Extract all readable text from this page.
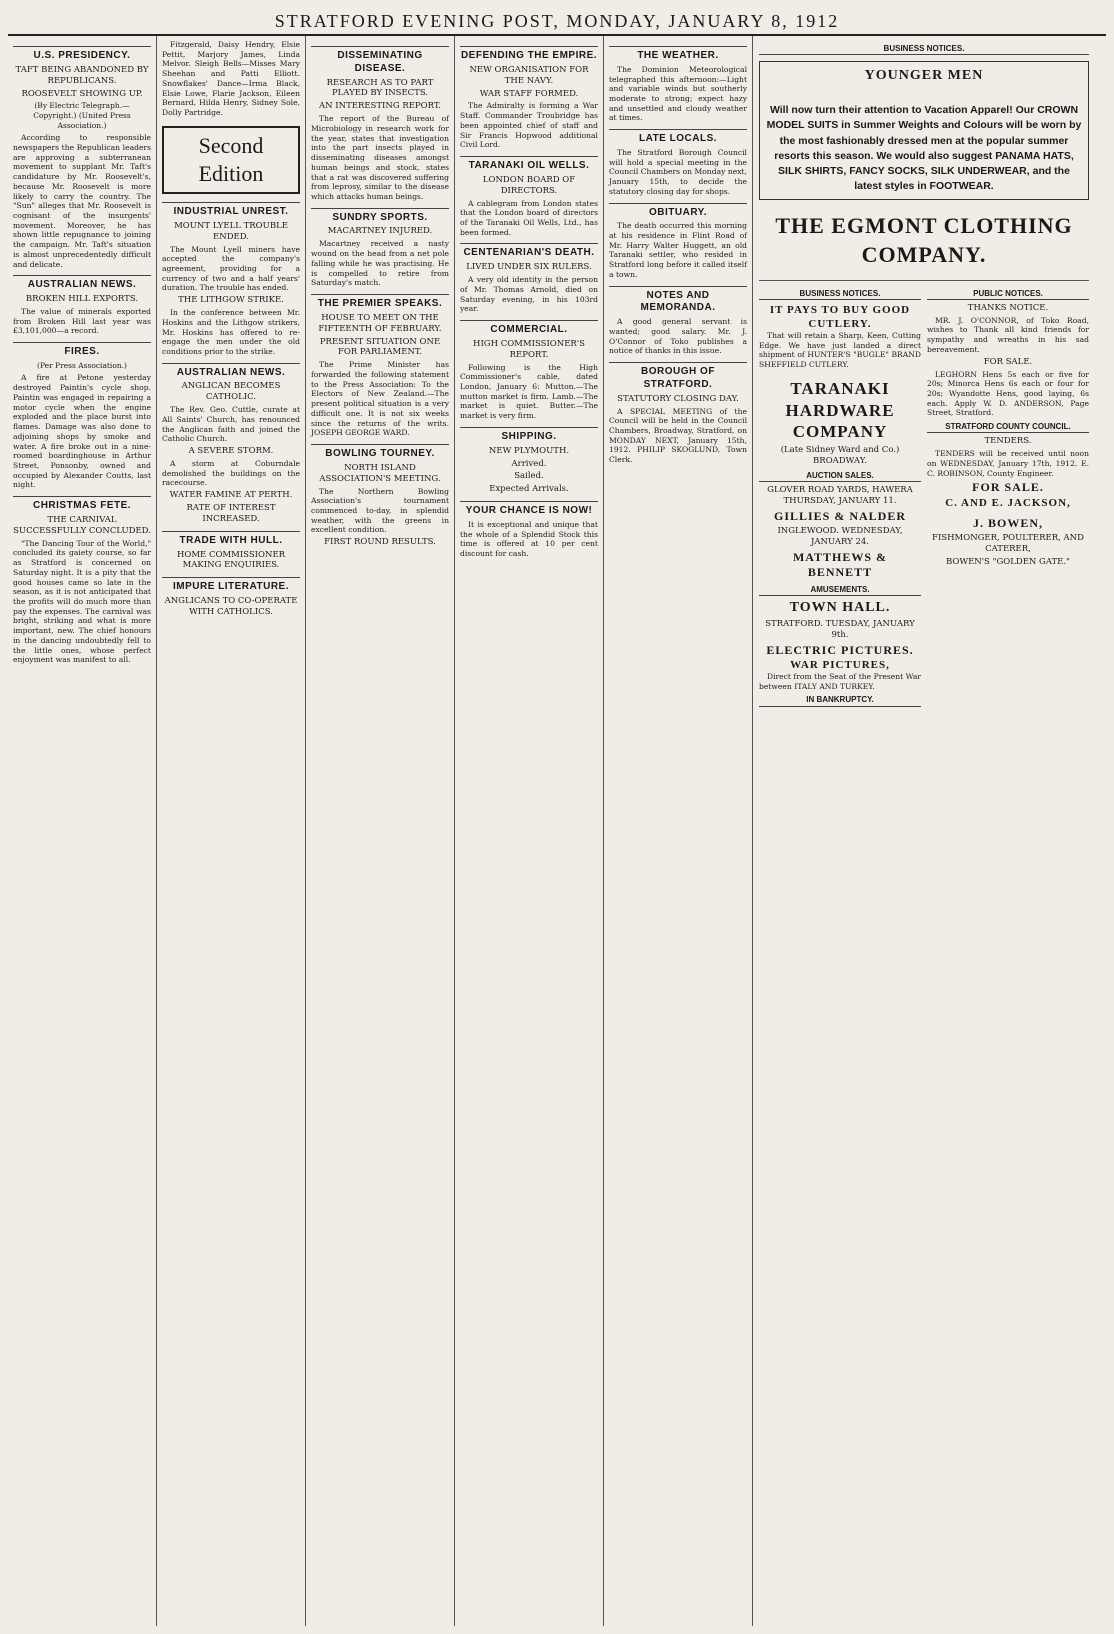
STRATFORD EVENING POST, MONDAY, JANUARY 8, 1912
U.S. PRESIDENCY.
TAFT BEING ABANDONED BY REPUBLICANS.
ROOSEVELT SHOWING UP.
(By Electric Telegraph.—Copyright.) (United Press Association.)

According to responsible newspapers the Republican leaders are approving a subterranean movement to supplant Mr. Taft's candidature by Mr. Roosevelt's, because Mr. Roosevelt is more likely to carry the country. The "Sun" alleges that Mr. Roosevelt is cognisant of the insurgents' movement. Moreover, he has shown little repugnance to joining the campaign. Mr. Taft's situation is almost unprecedentedly difficult and delicate.

AUSTRALIAN NEWS.
BROKEN HILL EXPORTS.

The value of minerals exported from Broken Hill last year was £3,101,000—a record.

FIRES.
(Per Press Association.)

A fire at Petone yesterday destroyed Paintin's cycle shop. Paintin was engaged in repairing a motor cycle when the engine exploded and the place burst into flames. Damage was also done to adjoining shops by smoke and water. A fire broke out in a nine-roomed boardinghouse in Arthur Street, Ponsonby, owned and occupied by Alexander Coutts, last night.

CHRISTMAS FETE.
THE CARNIVAL SUCCESSFULLY CONCLUDED.

"The Dancing Tour of the World," concluded its gaiety course, so far as Stratford is concerned on Saturday night. It is a pity that the good houses came so late in the season, as it is not anticipated that the profits will do much more than pay the expenses. The carnival was bright, striking and what is more important, new. The chief honours in the dancing undoubtedly fell to the little ones, whose perfect enjoyment was manifest to all.

Fitzgerald, Daisy Hendry, Elsie Pettit, Marjory James, Linda Melvor. Sleigh Bells—Misses Mary Sheehan and Patti Elliott. Snowflakes' Dance—Irma Black, Elsie Lowe, Flarie Jackson, Eileen Bernard, Hilda Henry, Sidney Sole, Dolly Partridge.

Second Edition
INDUSTRIAL UNREST.
MOUNT LYELL TROUBLE ENDED.

The Mount Lyell miners have accepted the company's agreement, providing for a currency of two and a half years' duration. The trouble has ended.

THE LITHGOW STRIKE.

In the conference between Mr. Hoskins and the Lithgow strikers, Mr. Hoskins has offered to re-engage the men under the old conditions prior to the strike.

AUSTRALIAN NEWS.
ANGLICAN BECOMES CATHOLIC.

The Rev. Geo. Cuttle, curate at All Saints' Church, has renounced the Anglican faith and joined the Catholic Church.

A SEVERE STORM.

A storm at Coburndale demolished the buildings on the racecourse.

WATER FAMINE AT PERTH.
RATE OF INTEREST INCREASED.
TRADE WITH HULL.
HOME COMMISSIONER MAKING ENQUIRIES.
IMPURE LITERATURE.
ANGLICANS TO CO-OPERATE WITH CATHOLICS.
DISSEMINATING DISEASE.
RESEARCH AS TO PART PLAYED BY INSECTS.
AN INTERESTING REPORT.

The report of the Bureau of Microbiology in research work for the year, states that investigation into the part insects played in disseminating diseases amongst human beings and stock, states that a rat was discovered suffering from leprosy, similar to the disease which attacks human beings.

SUNDRY SPORTS.
MACARTNEY INJURED.

Macartney received a nasty wound on the head from a net pole falling while he was practising. He is compelled to retire from Saturday's match.

THE PREMIER SPEAKS.
HOUSE TO MEET ON THE FIFTEENTH OF FEBRUARY.
PRESENT SITUATION ONE FOR PARLIAMENT.

The Prime Minister has forwarded the following statement to the Press Association: To the Electors of New Zealand.—The present political situation is a very difficult one. It is not six weeks since the returns of the writs. JOSEPH GEORGE WARD.

BOWLING TOURNEY.
NORTH ISLAND ASSOCIATION'S MEETING.

The Northern Bowling Association's tournament commenced to-day, in splendid weather, with the greens in excellent condition.

FIRST ROUND RESULTS.
DEFENDING THE EMPIRE.
NEW ORGANISATION FOR THE NAVY.
WAR STAFF FORMED.

The Admiralty is forming a War Staff. Commander Troubridge has been appointed chief of staff and Sir Francis Hopwood additional Civil Lord.

TARANAKI OIL WELLS.
LONDON BOARD OF DIRECTORS.

A cablegram from London states that the London board of directors of the Taranaki Oil Wells, Ltd., has been formed.

CENTENARIAN'S DEATH.
LIVED UNDER SIX RULERS.

A very old identity in the person of Mr. Thomas Arnold, died on Saturday evening, in his 103rd year.

COMMERCIAL.
HIGH COMMISSIONER'S REPORT.

Following is the High Commissioner's cable, dated London, January 6: Mutton.—The mutton market is firm. Lamb.—The market is quiet. Butter.—The market is very firm.

SHIPPING.
NEW PLYMOUTH.
Arrived.
Sailed.
Expected Arrivals.
YOUR CHANCE IS NOW!

It is exceptional and unique that the whole of a Splendid Stock this time is offered at 10 per cent discount for cash.

THE WEATHER.

The Dominion Meteorological telegraphed this afternoon:—Light and variable winds but southerly moderate to strong; expect hazy and unsettled and cloudy weather at times.

LATE LOCALS.

The Stratford Borough Council will hold a special meeting in the Council Chambers on Monday next, January 15th, to decide the statutory closing day for shops.

OBITUARY.

The death occurred this morning at his residence in Flint Road of Mr. Harry Walter Huggett, an old Taranaki settler, who resided in Stratford long before it called itself a town.

NOTES AND MEMORANDA.

A good general servant is wanted; good salary. Mr. J. O'Connor of Toko publishes a notice of thanks in this issue.

BOROUGH OF STRATFORD.
STATUTORY CLOSING DAY.

A SPECIAL MEETING of the Council will be held in the Council Chambers, Broadway, Stratford, on MONDAY NEXT, January 15th, 1912. PHILIP SKOGLUND, Town Clerk.

BUSINESS NOTICES.
YOUNGER MEN
Will now turn their attention to Vacation Apparel! Our CROWN MODEL SUITS in Summer Weights and Colours will be worn by the most fashionably dressed men at the popular summer resorts this season. We would also suggest PANAMA HATS, SILK SHIRTS, FANCY SOCKS, SILK UNDERWEAR, and the latest styles in FOOTWEAR.
THE EGMONT CLOTHING COMPANY.
BUSINESS NOTICES.
IT PAYS TO BUY GOOD CUTLERY.

That will retain a Sharp, Keen, Cutting Edge. We have just landed a direct shipment of HUNTER'S "BUGLE" BRAND SHEFFIELD CUTLERY.

TARANAKI HARDWARE COMPANY
(Late Sidney Ward and Co.) BROADWAY.
AUCTION SALES.
GLOVER ROAD YARDS, HAWERA THURSDAY, JANUARY 11.
GILLIES & NALDER
INGLEWOOD. WEDNESDAY, JANUARY 24.
MATTHEWS & BENNETT
AMUSEMENTS.
TOWN HALL.
STRATFORD. TUESDAY, JANUARY 9th.
ELECTRIC PICTURES.
WAR PICTURES,

Direct from the Seat of the Present War between ITALY AND TURKEY.

IN BANKRUPTCY.
PUBLIC NOTICES.
THANKS NOTICE.

MR. J. O'CONNOR, of Toko Road, wishes to Thank all kind friends for sympathy and wreaths in his sad bereavement.

FOR SALE.

LEGHORN Hens 5s each or five for 20s; Minorca Hens 6s each or four for 20s; Wyandotte Hens, good laying, 6s each. Apply W. D. ANDERSON, Page Street, Stratford.

STRATFORD COUNTY COUNCIL.
TENDERS.

TENDERS will be received until noon on WEDNESDAY, January 17th, 1912. E. C. ROBINSON, County Engineer.

FOR SALE.
C. AND E. JACKSON,
J. BOWEN,
FISHMONGER, POULTERER, AND CATERER,
BOWEN'S "GOLDEN GATE."
